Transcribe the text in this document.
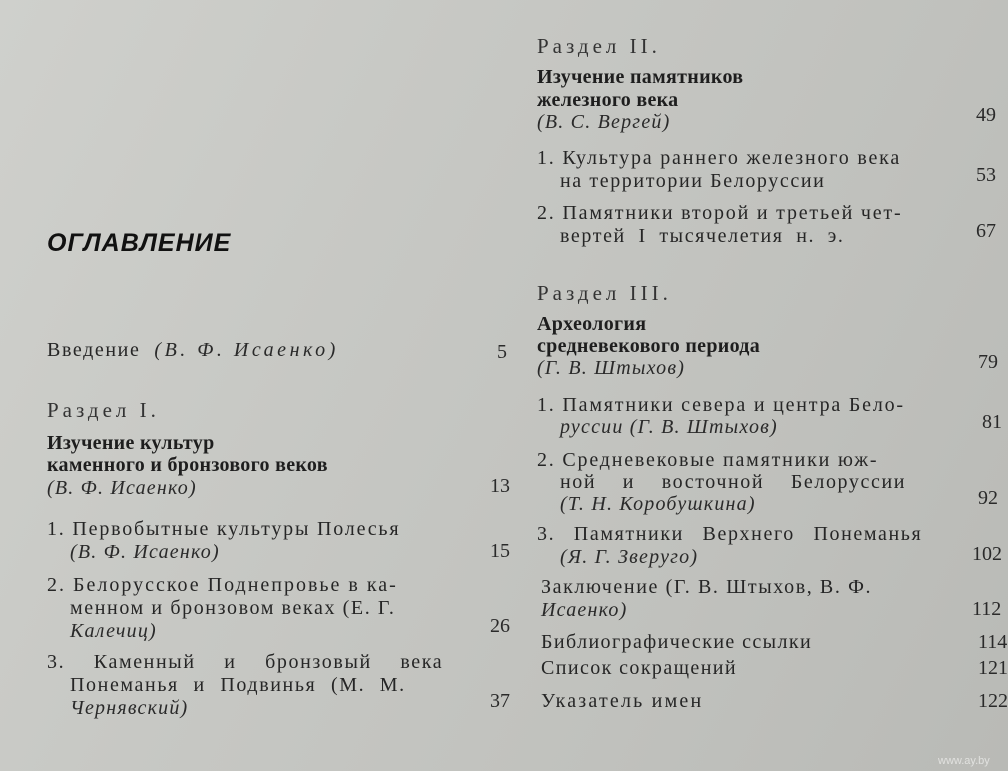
ОГЛАВЛЕНИЕ
Введение (В. Ф. Исаенко)	5
Раздел I.
Изучение культур
каменного и бронзового веков
(В. Ф. Исаенко)	13
1. Первобытные культуры Полесья
(В. Ф. Исаенко)	15
2. Белорусское Поднепровье в ка-
менном и бронзовом веках (Е. Г.
Калечиц)	26
3. Каменный и бронзовый века
Понеманья и Подвинья (М. М.
Чернявский)	37
Раздел II.
Изучение памятников
железного века
(В. С. Вергей)	49
1. Культура раннего железного века
на территории Белоруссии	53
2. Памятники второй и третьей чет-
вертей I тысячелетия н. э.	67
Раздел III.
Археология
средневекового периода
(Г. В. Штыхов)	79
1. Памятники севера и центра Бело-
руссии (Г. В. Штыхов)	81
2. Средневековые памятники юж-
ной и восточной Белоруссии
(Т. Н. Коробушкина)	92
3. Памятники Верхнего Понеманья
(Я. Г. Зверуго)	102
Заключение (Г. В. Штыхов, В. Ф.
Исаенко)	112
Библиографические ссылки	114
Список сокращений	121
Указатель имен	122
www.ay.by
